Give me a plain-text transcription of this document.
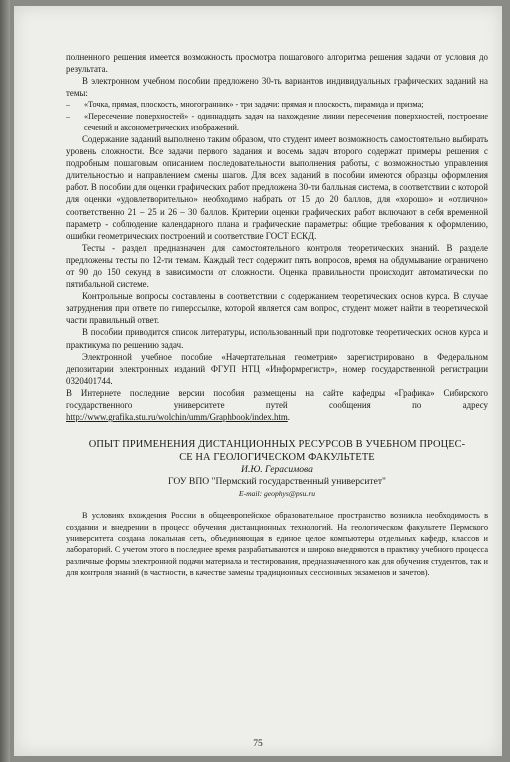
полненного решения имеется возможность просмотра пошагового алгоритма решения задачи от условия до результата.

В электронном учебном пособии предложено 30-ть вариантов индивидуальных графических заданий на темы:

–	«Точка, прямая, плоскость, многогранник» - три задачи: прямая и плоскость, пирамида и призма;
–	«Пересечение поверхностей» - одиннадцать задач на нахождение линии пересечения поверхностей, построение сечений и аксонометрических изображений.

Содержание заданий выполнено таким образом, что студент имеет возможность самостоятельно выбирать уровень сложности. Все задачи первого задания и восемь задач второго содержат примеры решения с подробным пошаговым описанием последовательности выполнения работы, с возможностью управления длительностью и направлением смены шагов. Для всех заданий в пособии имеются образцы оформления работ. В пособии для оценки графических работ предложена 30-ти балльная система, в соответствии с которой для оценки «удовлетворительно» необходимо набрать от 15 до 20 баллов, для «хорошо» и «отлично» соответственно 21 – 25 и 26 – 30 баллов. Критерии оценки графических работ включают в себя временной параметр - соблюдение календарного плана и графические параметры: общие требования к оформлению, ошибки геометрических построений и соответствие ГОСТ ЕСКД.

Тесты - раздел предназначен для самостоятельного контроля теоретических знаний. В разделе предложены тесты по 12-ти темам. Каждый тест содержит пять вопросов, время на обдумывание ограничено от 90 до 150 секунд в зависимости от сложности. Оценка правильности происходит автоматически по пятибальной системе.

Контрольные вопросы составлены в соответствии с содержанием теоретических основ курса. В случае затруднения при ответе по гиперссылке, которой является сам вопрос, студент может найти в теоретической части правильный ответ.

В пособии приводится список литературы, использованный при подготовке теоретических основ курса и практикума по решению задач.

Электронной учебное пособие «Начертательная геометрия» зарегистрировано в Федеральном депозитарии электронных изданий ФГУП НТЦ «Информрегистр», номер государственной регистрации 0320401744.

В Интернете последние версии пособия размещены на сайте кафедры «Графика» Сибирского государственного университете путей сообщения по адресу http://www.grafika.stu.ru/wolchin/umm/Graphbook/index.htm.

ОПЫТ ПРИМЕНЕНИЯ ДИСТАНЦИОННЫХ РЕСУРСОВ В УЧЕБНОМ ПРОЦЕС-
СЕ НА ГЕОЛОГИЧЕСКОМ ФАКУЛЬТЕТЕ
И.Ю. Герасимова
ГОУ ВПО "Пермский государственный университет"
E-mail: geophys@psu.ru

В условиях вхождения России в общеевропейское образовательное пространство возникла необходимость в создании и внедрении в процесс обучения дистанционных технологий. На геологическом факультете Пермского университета создана локальная сеть, объединяющая в единое целое компьютеры отдельных кафедр, классов и лабораторий. С учетом этого в последнее время разрабатываются и широко внедряются в практику учебного процесса различные формы электронной подачи материала и тестирования, предназначенного как для обучения студентов, так и для контроля знаний (в частности, в качестве замены традиционных сессионных экзаменов и зачетов).

75
